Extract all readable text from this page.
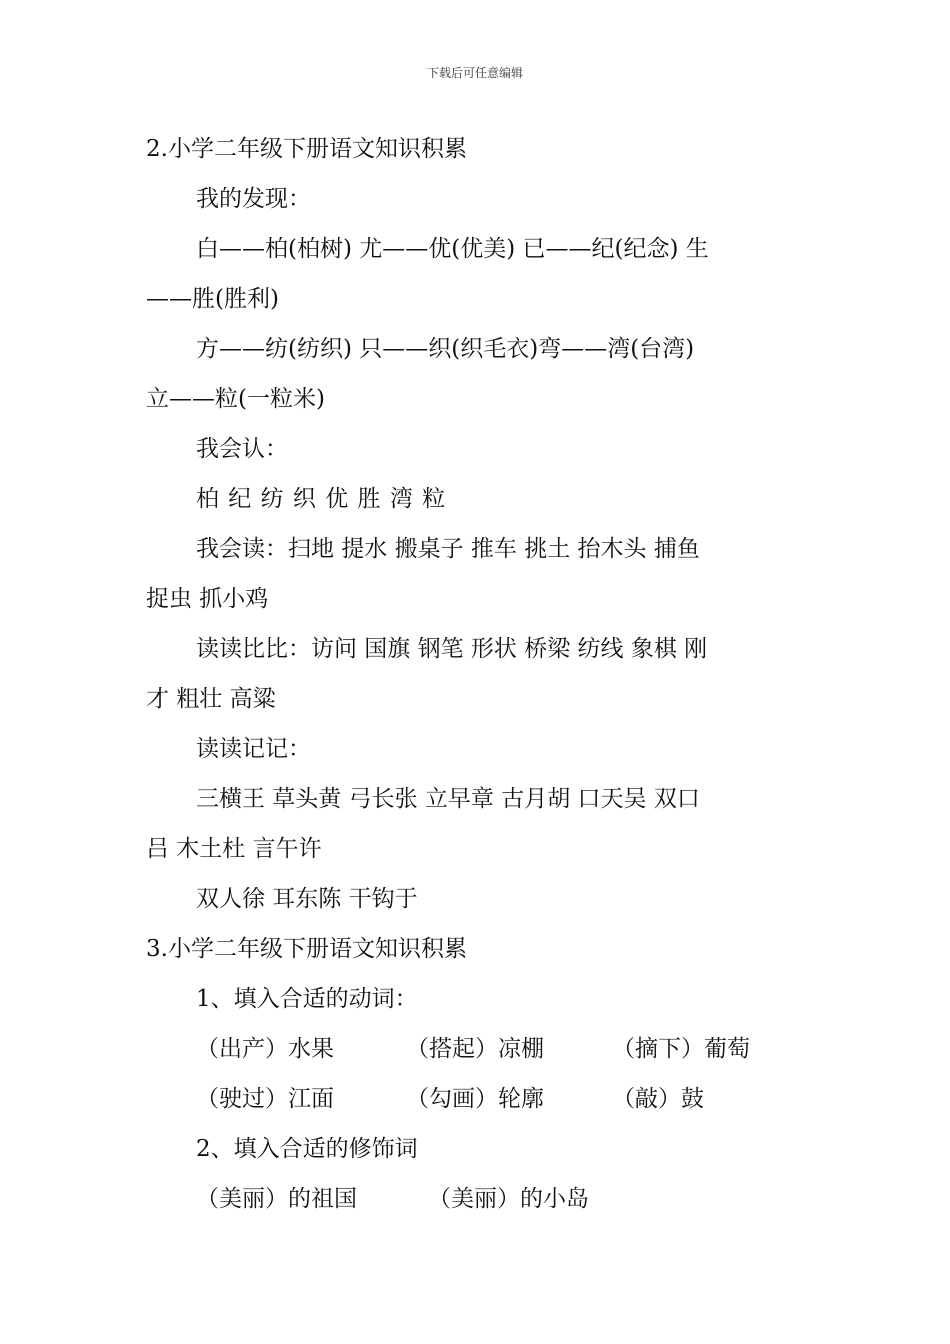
下载后可任意编辑
2.小学二年级下册语文知识积累
我的发现：
白——柏(柏树) 尤——优(优美) 已——纪(纪念) 生
——胜(胜利)
方——纺(纺织) 只——织(织毛衣)弯——湾(台湾)
立——粒(一粒米)
我会认：
柏 纪 纺 织 优 胜 湾 粒
我会读：扫地 提水 搬桌子 推车 挑土 抬木头 捕鱼
捉虫 抓小鸡
读读比比：访问 国旗 钢笔 形状 桥梁 纺线 象棋 刚
才 粗壮 高粱
读读记记：
三横王 草头黄 弓长张 立早章 古月胡 口天吴 双口
吕 木土杜 言午许
双人徐 耳东陈 干钩于
3.小学二年级下册语文知识积累
1、填入合适的动词：
（出产）水果	（搭起）凉棚	（摘下）葡萄
（驶过）江面	（勾画）轮廓	（敲）鼓
2、填入合适的修饰词
（美丽）的祖国	（美丽）的小岛
